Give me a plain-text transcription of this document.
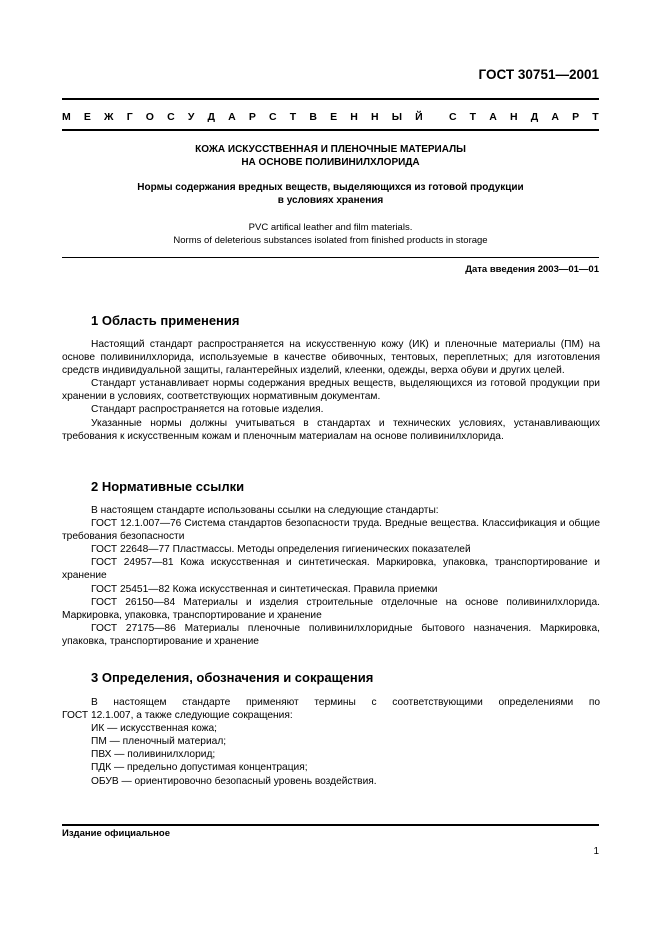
ГОСТ 30751—2001
М Е Ж Г О С У Д А Р С Т В Е Н Н Ы Й	С Т А Н Д А Р Т
КОЖА ИСКУССТВЕННАЯ И ПЛЕНОЧНЫЕ МАТЕРИАЛЫ
НА ОСНОВЕ ПОЛИВИНИЛХЛОРИДА
Нормы содержания вредных веществ, выделяющихся из готовой продукции
в условиях хранения
PVC artifical leather and film materials.
Norms of deleterious substances isolated from finished products in storage
Дата введения 2003—01—01
1 Область применения

Настоящий стандарт распространяется на искусственную кожу (ИК) и пленочные материалы (ПМ) на основе поливинилхлорида, используемые в качестве обивочных, тентовых, переплетных; для изготовления средств индивидуальной защиты, галантерейных изделий, клеенки, одежды, верха обуви и других целей.

Стандарт устанавливает нормы содержания вредных веществ, выделяющихся из готовой продукции при хранении в условиях, соответствующих нормативным документам.

Стандарт распространяется на готовые изделия.

Указанные нормы должны учитываться в стандартах и технических условиях, устанавливающих требования к искусственным кожам и пленочным материалам на основе поливинилхлорида.

2 Нормативные ссылки

В настоящем стандарте использованы ссылки на следующие стандарты:

ГОСТ 12.1.007—76 Система стандартов безопасности труда. Вредные вещества. Классификация и общие требования безопасности

ГОСТ 22648—77 Пластмассы. Методы определения гигиенических показателей

ГОСТ 24957—81 Кожа искусственная и синтетическая. Маркировка, упаковка, транспортирование и хранение

ГОСТ 25451—82 Кожа искусственная и синтетическая. Правила приемки

ГОСТ 26150—84 Материалы и изделия строительные отделочные на основе поливинилхлорида. Маркировка, упаковка, транспортирование и хранение

ГОСТ 27175—86 Материалы пленочные поливинилхлоридные бытового назначения. Маркировка, упаковка, транспортирование и хранение

3 Определения, обозначения и сокращения

В настоящем стандарте применяют термины с соответствующими определениями по

ГОСТ 12.1.007, а также следующие сокращения:

ИК — искусственная кожа;

ПМ — пленочный материал;

ПВХ — поливинилхлорид;

ПДК — предельно допустимая концентрация;

ОБУВ — ориентировочно безопасный уровень воздействия.

Издание официальное
1
